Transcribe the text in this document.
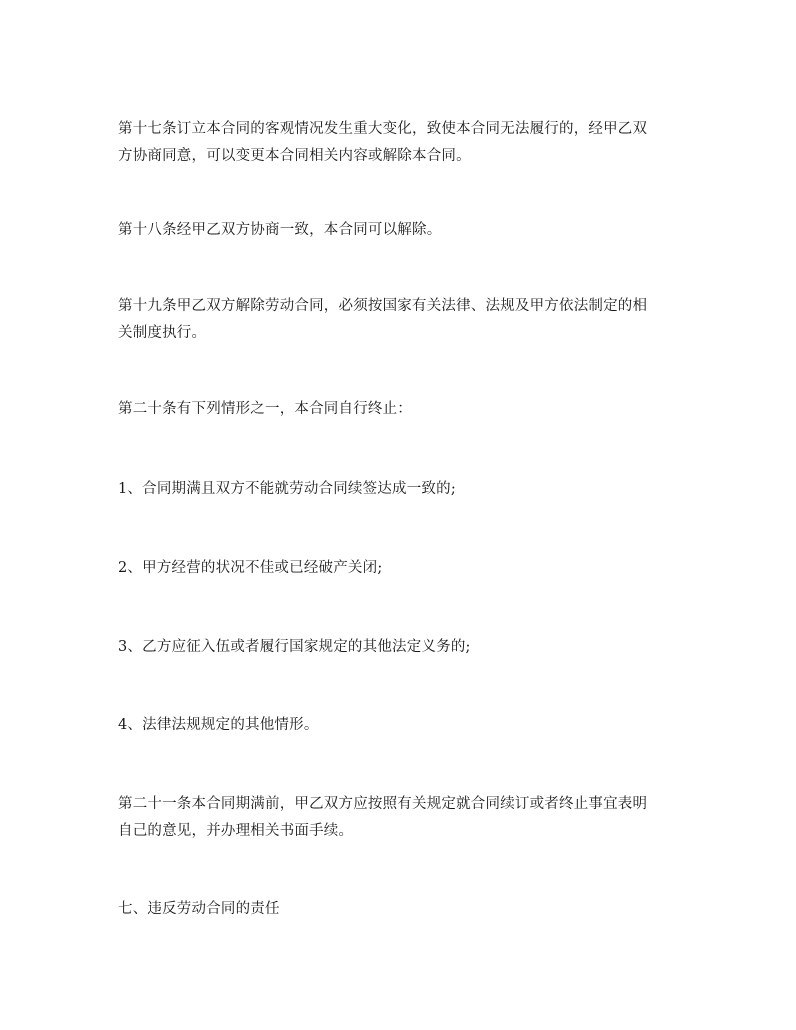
第十七条订立本合同的客观情况发生重大变化，致使本合同无法履行的，经甲乙双
方协商同意，可以变更本合同相关内容或解除本合同。

第十八条经甲乙双方协商一致，本合同可以解除。

第十九条甲乙双方解除劳动合同，必须按国家有关法律、法规及甲方依法制定的相
关制度执行。

第二十条有下列情形之一，本合同自行终止：

1、合同期满且双方不能就劳动合同续签达成一致的;

2、甲方经营的状况不佳或已经破产关闭;

3、乙方应征入伍或者履行国家规定的其他法定义务的;

4、法律法规规定的其他情形。

第二十一条本合同期满前，甲乙双方应按照有关规定就合同续订或者终止事宜表明
自己的意见，并办理相关书面手续。

七、违反劳动合同的责任
